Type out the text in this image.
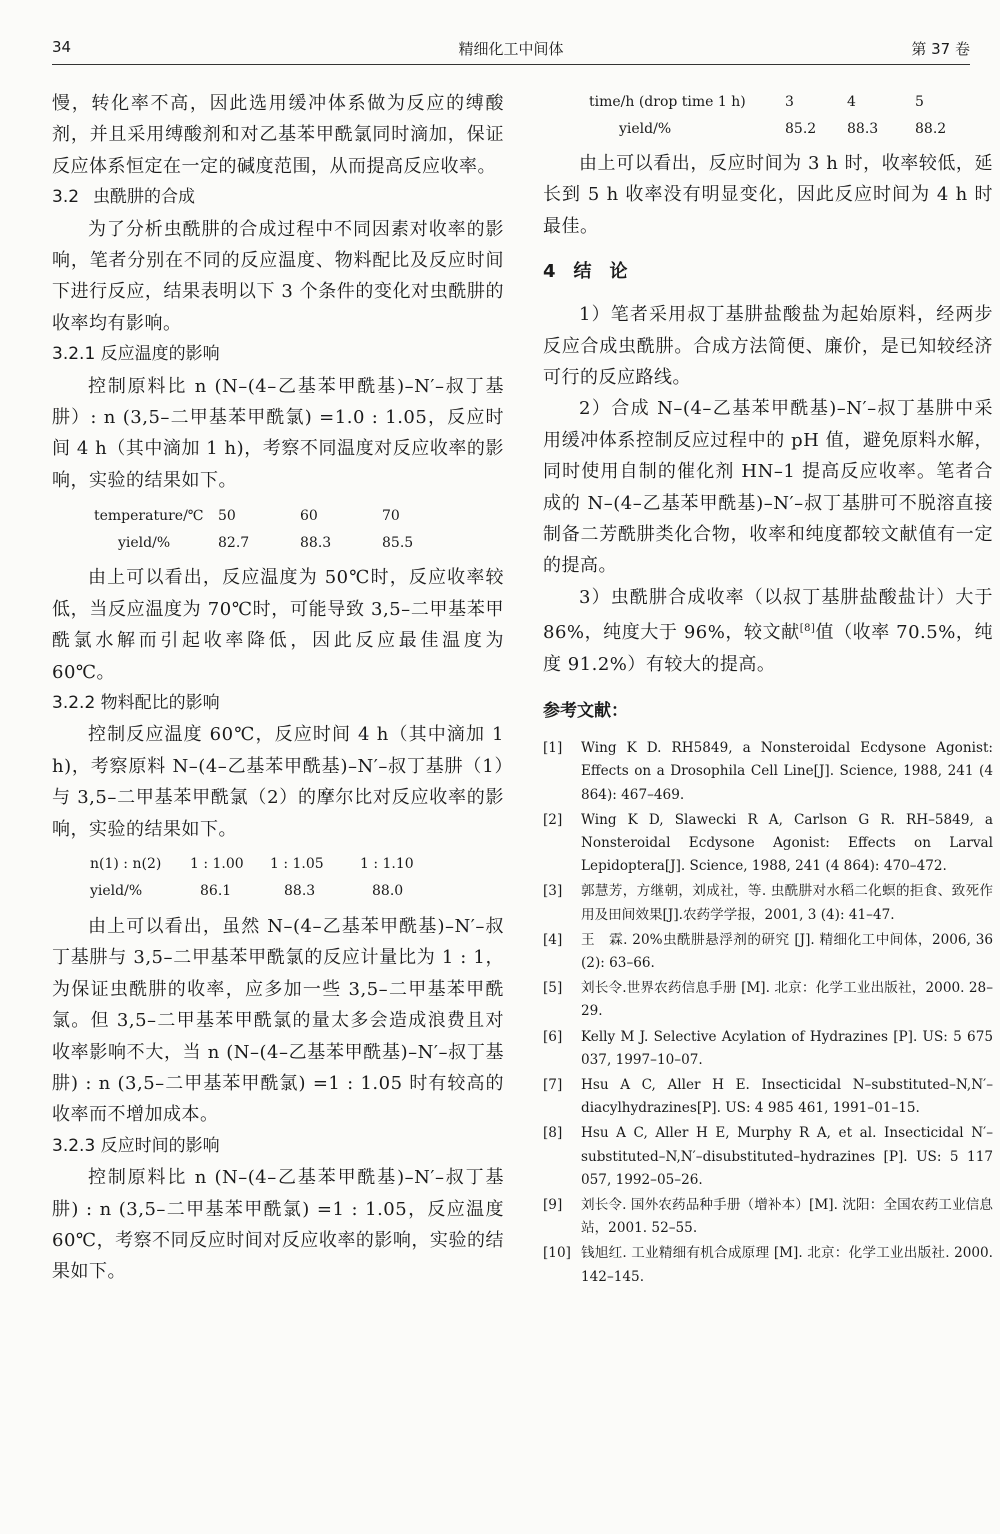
34	精细化工中间体	第 37 卷

慢，转化率不高，因此选用缓冲体系做为反应的缚酸剂，并且采用缚酸剂和对乙基苯甲酰氯同时滴加，保证反应体系恒定在一定的碱度范围，从而提高反应收率。

3.2 虫酰肼的合成

为了分析虫酰肼的合成过程中不同因素对收率的影响，笔者分别在不同的反应温度、物料配比及反应时间下进行反应，结果表明以下 3 个条件的变化对虫酰肼的收率均有影响。

3.2.1 反应温度的影响

控制原料比 n (N–(4–乙基苯甲酰基)–N′–叔丁基肼）: n (3,5–二甲基苯甲酰氯) =1.0 : 1.05，反应时间 4 h（其中滴加 1 h)，考察不同温度对反应收率的影响，实验的结果如下。

temperature/℃	50	60	70
yield/%	82.7	88.3	85.5

由上可以看出，反应温度为 50℃时，反应收率较低，当反应温度为 70℃时，可能导致 3,5–二甲基苯甲酰氯水解而引起收率降低，因此反应最佳温度为 60℃。

3.2.2 物料配比的影响

控制反应温度 60℃，反应时间 4 h（其中滴加 1 h)，考察原料 N–(4–乙基苯甲酰基)–N′–叔丁基肼（1）与 3,5–二甲基苯甲酰氯（2）的摩尔比对反应收率的影响，实验的结果如下。

n(1) : n(2)	1 : 1.00	1 : 1.05	1 : 1.10
yield/%	86.1	88.3	88.0

由上可以看出，虽然 N–(4–乙基苯甲酰基)–N′–叔丁基肼与 3,5–二甲基苯甲酰氯的反应计量比为 1 : 1，为保证虫酰肼的收率，应多加一些 3,5–二甲基苯甲酰氯。但 3,5–二甲基苯甲酰氯的量太多会造成浪费且对收率影响不大，当 n (N–(4–乙基苯甲酰基)–N′–叔丁基肼) : n (3,5–二甲基苯甲酰氯) =1 : 1.05 时有较高的收率而不增加成本。

3.2.3 反应时间的影响

控制原料比 n (N–(4–乙基苯甲酰基)–N′–叔丁基肼) : n (3,5–二甲基苯甲酰氯) =1 : 1.05，反应温度 60℃，考察不同反应时间对反应收率的影响，实验的结果如下。

time/h (drop time 1 h)	3	4	5
yield/%	85.2	88.3	88.2

由上可以看出，反应时间为 3 h 时，收率较低，延长到 5 h 收率没有明显变化，因此反应时间为 4 h 时最佳。

4　结　论

1）笔者采用叔丁基肼盐酸盐为起始原料，经两步反应合成虫酰肼。合成方法简便、廉价，是已知较经济可行的反应路线。

2）合成 N–(4–乙基苯甲酰基)–N′–叔丁基肼中采用缓冲体系控制反应过程中的 pH 值，避免原料水解，同时使用自制的催化剂 HN–1 提高反应收率。笔者合成的 N–(4–乙基苯甲酰基)–N′–叔丁基肼可不脱溶直接制备二芳酰肼类化合物，收率和纯度都较文献值有一定的提高。

3）虫酰肼合成收率（以叔丁基肼盐酸盐计）大于 86%，纯度大于 96%，较文献[8]值（收率 70.5%，纯度 91.2%）有较大的提高。

参考文献：
[1]	Wing K D. RH5849, a Nonsteroidal Ecdysone Agonist: Effects on a Drosophila Cell Line[J]. Science, 1988, 241 (4 864): 467–469.
[2]	Wing K D, Slawecki R A, Carlson G R. RH–5849, a Nonsteroidal Ecdysone Agonist: Effects on Larval Lepidoptera[J]. Science, 1988, 241 (4 864): 470–472.
[3]	郭慧芳，方继朝，刘成社，等. 虫酰肼对水稻二化螟的拒食、致死作用及田间效果[J].农药学学报，2001, 3 (4): 41–47.
[4]	王　霖. 20%虫酰肼悬浮剂的研究 [J]. 精细化工中间体，2006, 36 (2): 63–66.
[5]	刘长令.世界农药信息手册 [M]. 北京：化学工业出版社，2000. 28–29.
[6]	Kelly M J. Selective Acylation of Hydrazines [P]. US: 5 675 037, 1997–10–07.
[7]	Hsu A C, Aller H E. Insecticidal N–substituted–N,N′–diacylhydrazines[P]. US: 4 985 461, 1991–01–15.
[8]	Hsu A C, Aller H E, Murphy R A, et al. Insecticidal N′–substituted–N,N′–disubstituted–hydrazines [P]. US: 5 117 057, 1992–05–26.
[9]	刘长令. 国外农药品种手册（增补本）[M]. 沈阳：全国农药工业信息站，2001. 52–55.
[10] 钱旭红. 工业精细有机合成原理 [M]. 北京：化学工业出版社. 2000. 142–145.
